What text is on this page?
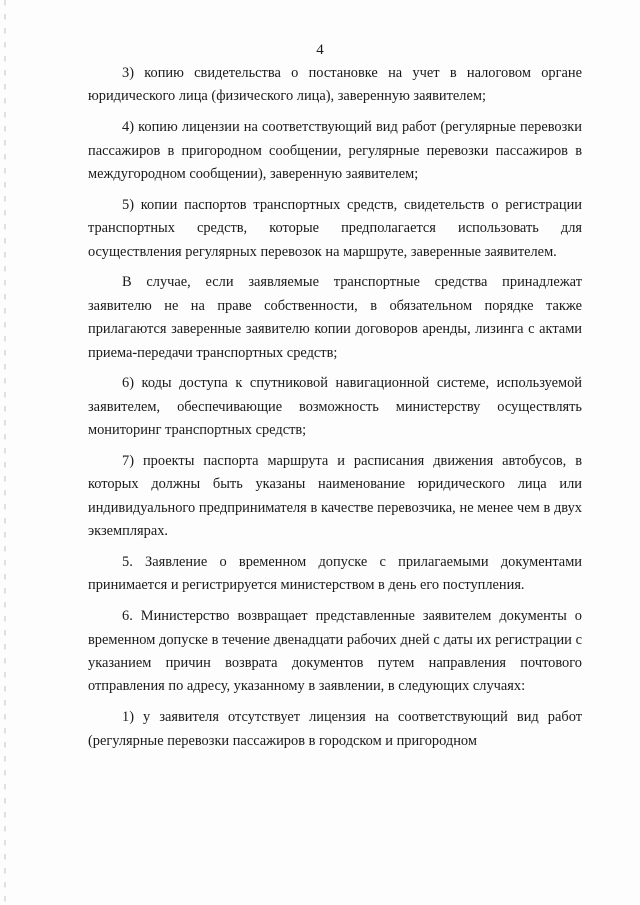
4

3) копию свидетельства о постановке на учет в налоговом органе юридического лица (физического лица), заверенную заявителем;

4) копию лицензии на соответствующий вид работ (регулярные перевозки пассажиров в пригородном сообщении, регулярные перевозки пассажиров в междугородном сообщении), заверенную заявителем;

5) копии паспортов транспортных средств, свидетельств о регистрации транспортных средств, которые предполагается использовать для осуществления регулярных перевозок на маршруте, заверенные заявителем.

В случае, если заявляемые транспортные средства принадлежат заявителю не на праве собственности, в обязательном порядке также прилагаются заверенные заявителю копии договоров аренды, лизинга с актами приема-передачи транспортных средств;

6) коды доступа к спутниковой навигационной системе, используемой заявителем, обеспечивающие возможность министерству осуществлять мониторинг транспортных средств;

7) проекты паспорта маршрута и расписания движения автобусов, в которых должны быть указаны наименование юридического лица или индивидуального предпринимателя в качестве перевозчика, не менее чем в двух экземплярах.

5. Заявление о временном допуске с прилагаемыми документами принимается и регистрируется министерством в день его поступления.

6. Министерство возвращает представленные заявителем документы о временном допуске в течение двенадцати рабочих дней с даты их регистрации с указанием причин возврата документов путем направления почтового отправления по адресу, указанному в заявлении, в следующих случаях:

1) у заявителя отсутствует лицензия на соответствующий вид работ (регулярные перевозки пассажиров в городском и пригородном
